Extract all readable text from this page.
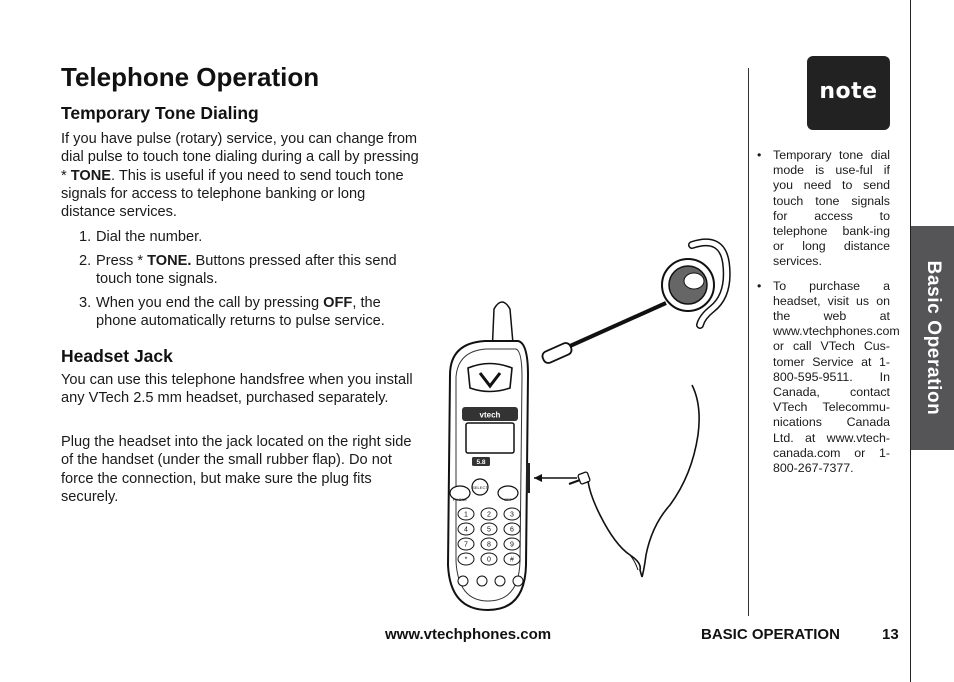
Telephone Operation
Temporary Tone Dialing

If you have pulse (rotary) service, you can change from dial pulse to touch tone dialing during a call by pressing * TONE. This is useful if you need to send touch tone signals for access to telephone banking or long distance services.

1. Dial the number.
2. Press * TONE. Buttons pressed after this send touch tone signals.
3. When you end the call by pressing OFF, the phone automatically returns to pulse service.
Headset Jack

You can use this telephone handsfree when you install any VTech 2.5 mm headset, purchased separately.

Plug the headset into the jack located on the right side of the handset (under the small rubber flap). Do not force the connection, but make sure the plug fits securely.

vtech
5.8
PHONE
SELECT
OFF
1	2	3
4	5	6
7	8	9
*	0	#
note
• Temporary tone dial mode is use-ful if you need to send touch tone signals for access to telephone bank-ing or long distance services.
• To purchase a headset, visit us on the web at www.vtechphones.com or call VTech Cus-tomer Service at 1-800-595-9511. In Canada, contact VTech Telecommu-nications Canada Ltd. at www.vtech-canada.com or 1-800-267-7377.
Basic Operation
www.vtechphones.com	BASIC OPERATION	13
